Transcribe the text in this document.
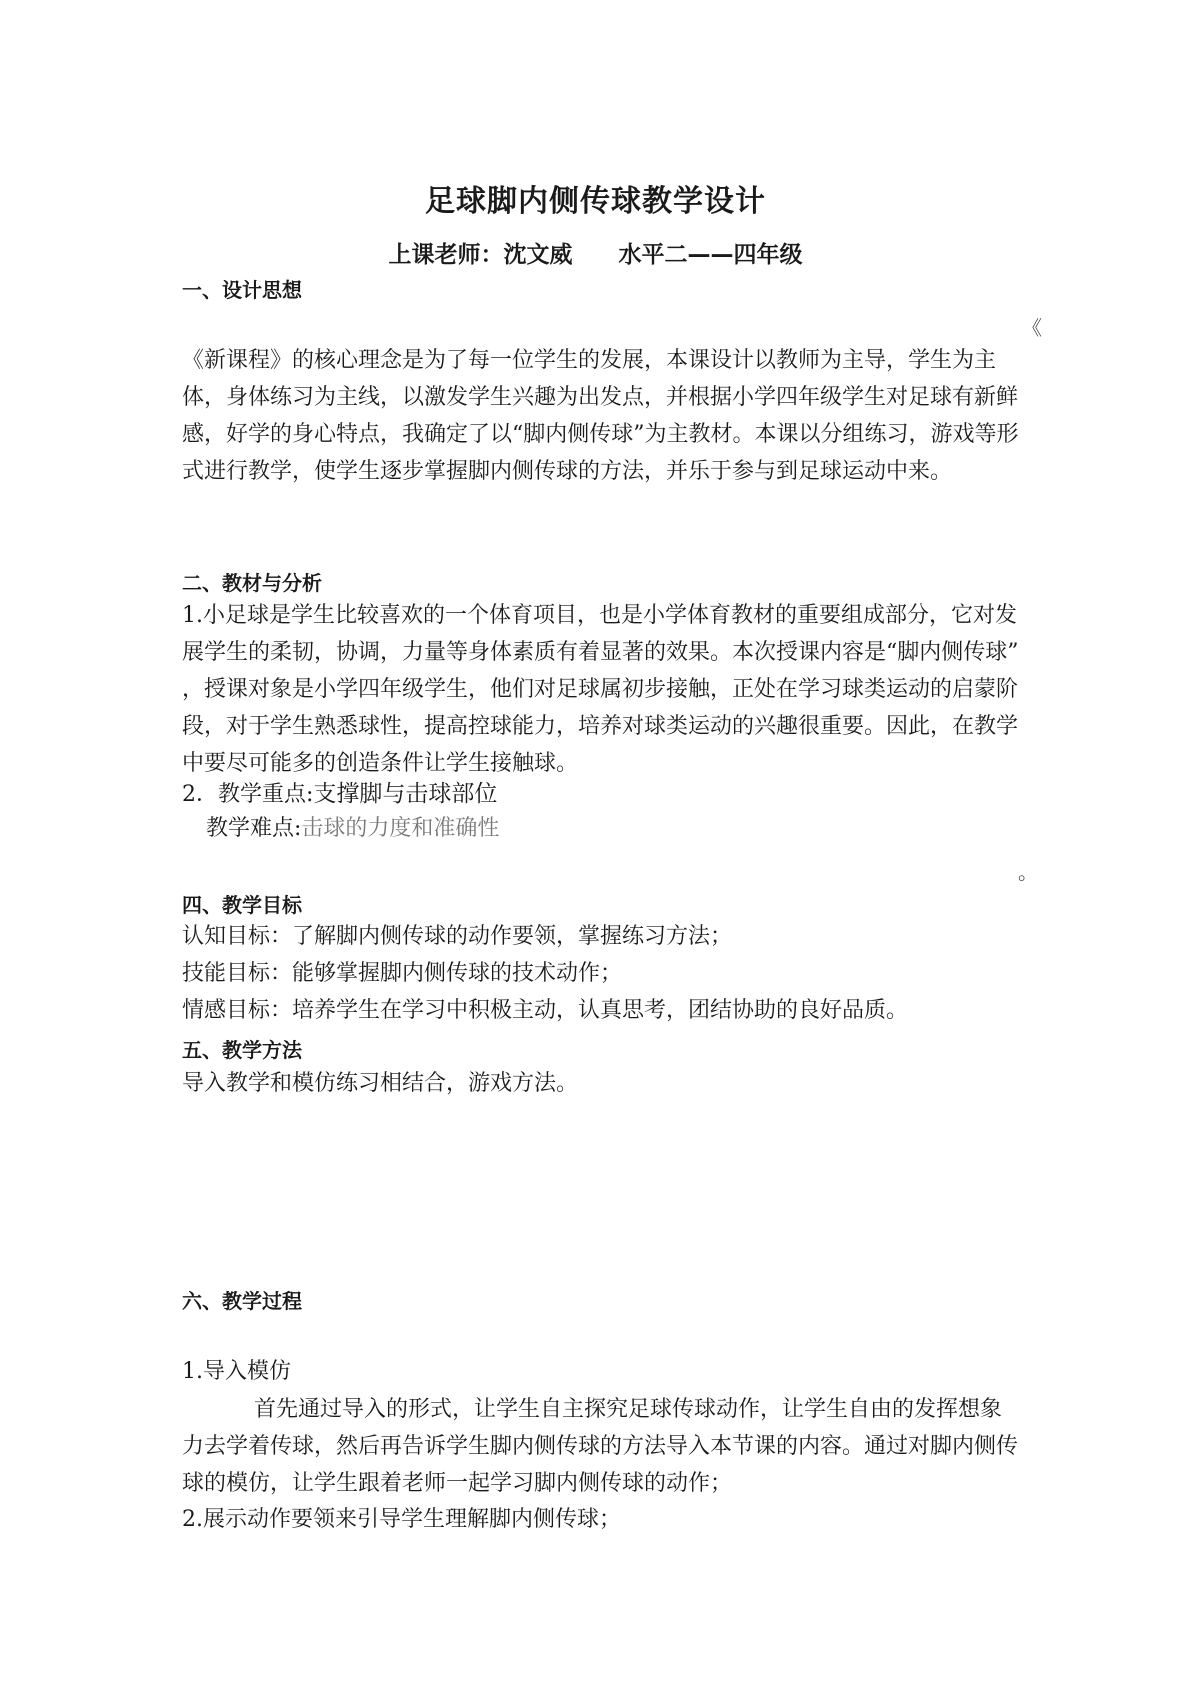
足球脚内侧传球教学设计
上课老师：沈文威 水平二——四年级
一、设计思想
《

《新课程》的核心理念是为了每一位学生的发展，本课设计以教师为主导，学生为主体，身体练习为主线，以激发学生兴趣为出发点，并根据小学四年级学生对足球有新鲜感，好学的身心特点，我确定了以“脚内侧传球”为主教材。本课以分组练习，游戏等形式进行教学，使学生逐步掌握脚内侧传球的方法，并乐于参与到足球运动中来。

二、教材与分析

1.小足球是学生比较喜欢的一个体育项目，也是小学体育教材的重要组成部分，它对发展学生的柔韧，协调，力量等身体素质有着显著的效果。本次授课内容是“脚内侧传球” ，授课对象是小学四年级学生，他们对足球属初步接触，正处在学习球类运动的启蒙阶段，对于学生熟悉球性，提高控球能力，培养对球类运动的兴趣很重要。因此，在教学中要尽可能多的创造条件让学生接触球。

2．教学重点:支撑脚与击球部位
教学难点:击球的力度和准确性
。
四、教学目标
认知目标：了解脚内侧传球的动作要领，掌握练习方法；
技能目标：能够掌握脚内侧传球的技术动作；
情感目标：培养学生在学习中积极主动，认真思考，团结协助的良好品质。
五、教学方法
导入教学和模仿练习相结合，游戏方法。
六、教学过程
1.导入模仿

首先通过导入的形式，让学生自主探究足球传球动作，让学生自由的发挥想象力去学着传球，然后再告诉学生脚内侧传球的方法导入本节课的内容。通过对脚内侧传球的模仿，让学生跟着老师一起学习脚内侧传球的动作；

2.展示动作要领来引导学生理解脚内侧传球；
